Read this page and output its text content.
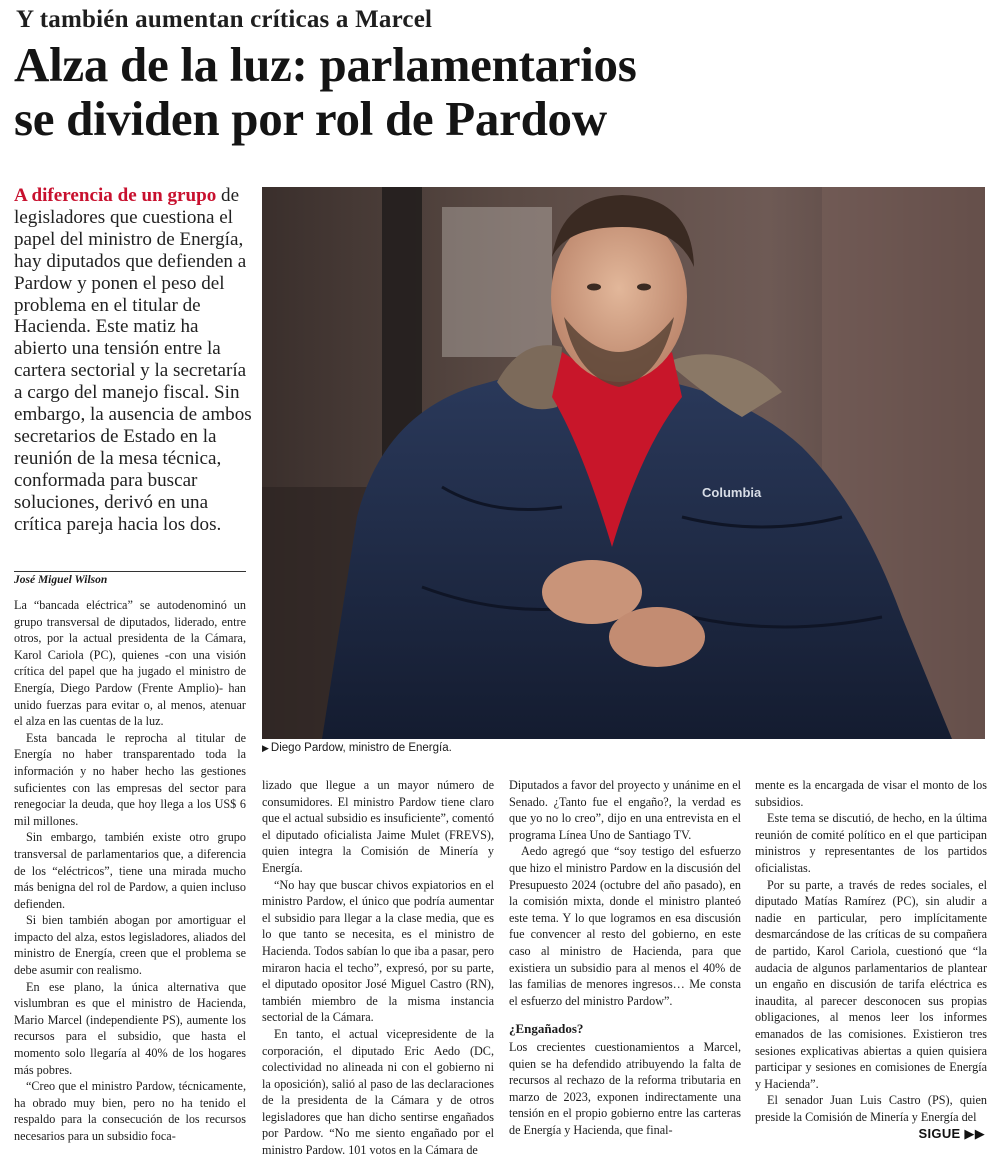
Y también aumentan críticas a Marcel
Alza de la luz: parlamentarios
se dividen por rol de Pardow
A diferencia de un grupo de legisladores que cuestiona el papel del ministro de Energía, hay diputados que defienden a Pardow y ponen el peso del problema en el titular de Hacienda. Este matiz ha abierto una tensión entre la cartera sectorial y la secretaría a cargo del manejo fiscal. Sin embargo, la ausencia de ambos secretarios de Estado en la reunión de la mesa técnica, conformada para buscar soluciones, derivó en una crítica pareja hacia los dos.
José Miguel Wilson
Columbia
▶ Diego Pardow, ministro de Energía.

La “bancada eléctrica” se autodenominó un grupo transversal de diputados, liderado, entre otros, por la actual presidenta de la Cámara, Karol Cariola (PC), quienes -con una visión crítica del papel que ha jugado el ministro de Energía, Diego Pardow (Frente Amplio)- han unido fuerzas para evitar o, al menos, atenuar el alza en las cuentas de la luz.

Esta bancada le reprocha al titular de Energía no haber transparentado toda la información y no haber hecho las gestiones suficientes con las empresas del sector para renegociar la deuda, que hoy llega a los US$ 6 mil millones.

Sin embargo, también existe otro grupo transversal de parlamentarios que, a diferencia de los “eléctricos”, tiene una mirada mucho más benigna del rol de Pardow, a quien incluso defienden.

Si bien también abogan por amortiguar el impacto del alza, estos legisladores, aliados del ministro de Energía, creen que el problema se debe asumir con realismo.

En ese plano, la única alternativa que vislumbran es que el ministro de Hacienda, Mario Marcel (independiente PS), aumente los recursos para el subsidio, que hasta el momento solo llegaría al 40% de los hogares más pobres.

“Creo que el ministro Pardow, técnicamente, ha obrado muy bien, pero no ha tenido el respaldo para la consecución de los recursos necesarios para un subsidio foca-

lizado que llegue a un mayor número de consumidores. El ministro Pardow tiene claro que el actual subsidio es insuficiente”, comentó el diputado oficialista Jaime Mulet (FREVS), quien integra la Comisión de Minería y Energía.

“No hay que buscar chivos expiatorios en el ministro Pardow, el único que podría aumentar el subsidio para llegar a la clase media, que es lo que tanto se necesita, es el ministro de Hacienda. Todos sabían lo que iba a pasar, pero miraron hacia el techo”, expresó, por su parte, el diputado opositor José Miguel Castro (RN), también miembro de la misma instancia sectorial de la Cámara.

En tanto, el actual vicepresidente de la corporación, el diputado Eric Aedo (DC, colectividad no alineada ni con el gobierno ni la oposición), salió al paso de las declaraciones de la presidenta de la Cámara y de otros legisladores que han dicho sentirse engañados por Pardow. “No me siento engañado por el ministro Pardow. 101 votos en la Cámara de

Diputados a favor del proyecto y unánime en el Senado. ¿Tanto fue el engaño?, la verdad es que yo no lo creo”, dijo en una entrevista en el programa Línea Uno de Santiago TV.

Aedo agregó que “soy testigo del esfuerzo que hizo el ministro Pardow en la discusión del Presupuesto 2024 (octubre del año pasado), en la comisión mixta, donde el ministro planteó este tema. Y lo que logramos en esa discusión fue convencer al resto del gobierno, en este caso al ministro de Hacienda, para que existiera un subsidio para al menos el 40% de las familias de menores ingresos… Me consta el esfuerzo del ministro Pardow”.

¿Engañados?

Los crecientes cuestionamientos a Marcel, quien se ha defendido atribuyendo la falta de recursos al rechazo de la reforma tributaria en marzo de 2023, exponen indirectamente una tensión en el propio gobierno entre las carteras de Energía y Hacienda, que final-

mente es la encargada de visar el monto de los subsidios.

Este tema se discutió, de hecho, en la última reunión de comité político en el que participan ministros y representantes de los partidos oficialistas.

Por su parte, a través de redes sociales, el diputado Matías Ramírez (PC), sin aludir a nadie en particular, pero implícitamente desmarcándose de las críticas de su compañera de partido, Karol Cariola, cuestionó que “la audacia de algunos parlamentarios de plantear un engaño en discusión de tarifa eléctrica es inaudita, al parecer desconocen sus propias obligaciones, al menos leer los informes emanados de las comisiones. Existieron tres sesiones explicativas abiertas a quien quisiera participar y sesiones en comisiones de Energía y Hacienda”.

El senador Juan Luis Castro (PS), quien preside la Comisión de Minería y Energía del

SIGUE ▶▶
